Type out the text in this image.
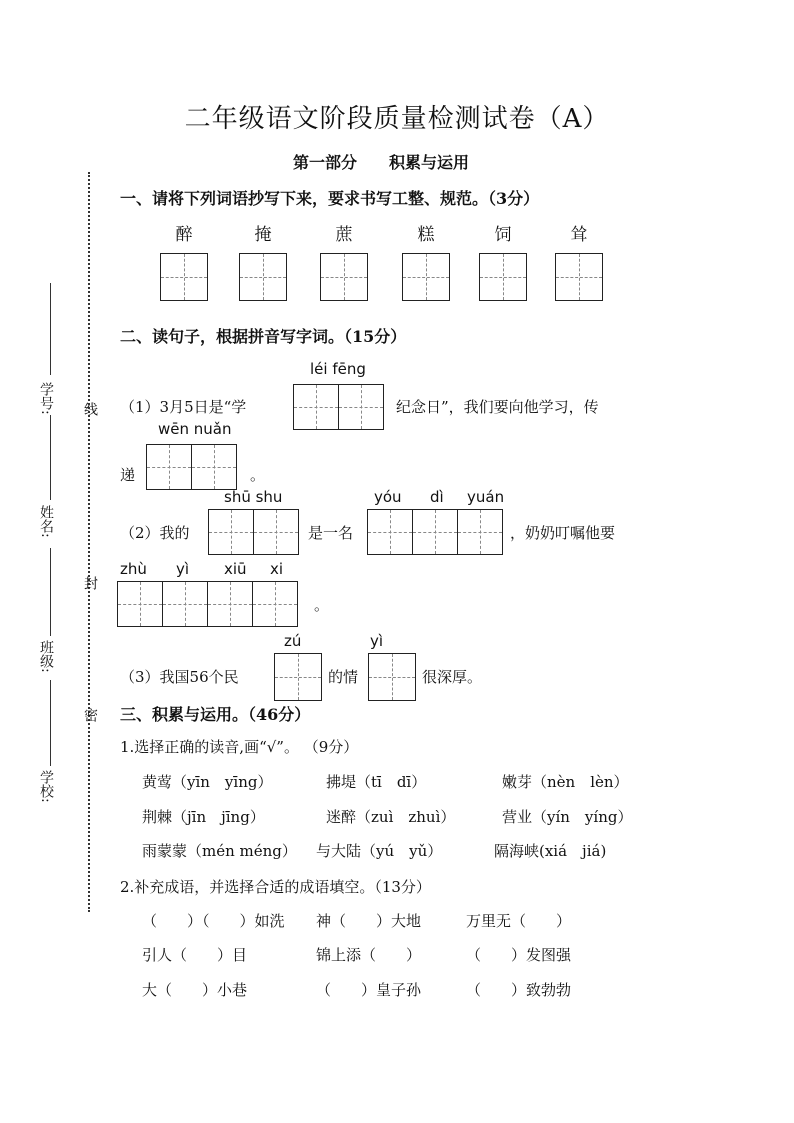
二年级语文阶段质量检测试卷（A）
第一部分　　积累与运用
学号:
姓名:
班级:
学校:
线
封
密
一、请将下列词语抄写下来，要求书写工整、规范。（3分）
醉	掩	蔗	糕	饲	耸
二、读句子，根据拼音写字词。（15分）
léi fēng
（1）3月5日是“学	纪念日”，我们要向他学习，传
wēn nuǎn
递	。
shū shu	yóu dì yuán
（2）我的	是一名	，奶奶叮嘱他要
zhù yì xiū xi
。
zú	yì
（3）我国56个民	的情	很深厚。
三、积累与运用。（46分）
1.选择正确的读音,画“√”。 （9分）
黄莺（yīn　yīng）	拂堤（tī　dī）	嫩芽（nèn　lèn）
荆棘（jīn　jīng）	迷醉（zuì　zhuì）	营业（yín　yíng）
雨蒙蒙（mén méng） 与大陆（yú　yǔ）	隔海峡(xiá　jiá)
2.补充成语，并选择合适的成语填空。（13分）
（　　）（　　）如洗 神（　　）大地	万里无（　　）
引人（　　）目	锦上添（　　）	（　　）发图强
大（　　）小巷	（　　）皇子孙	（　　）致勃勃
